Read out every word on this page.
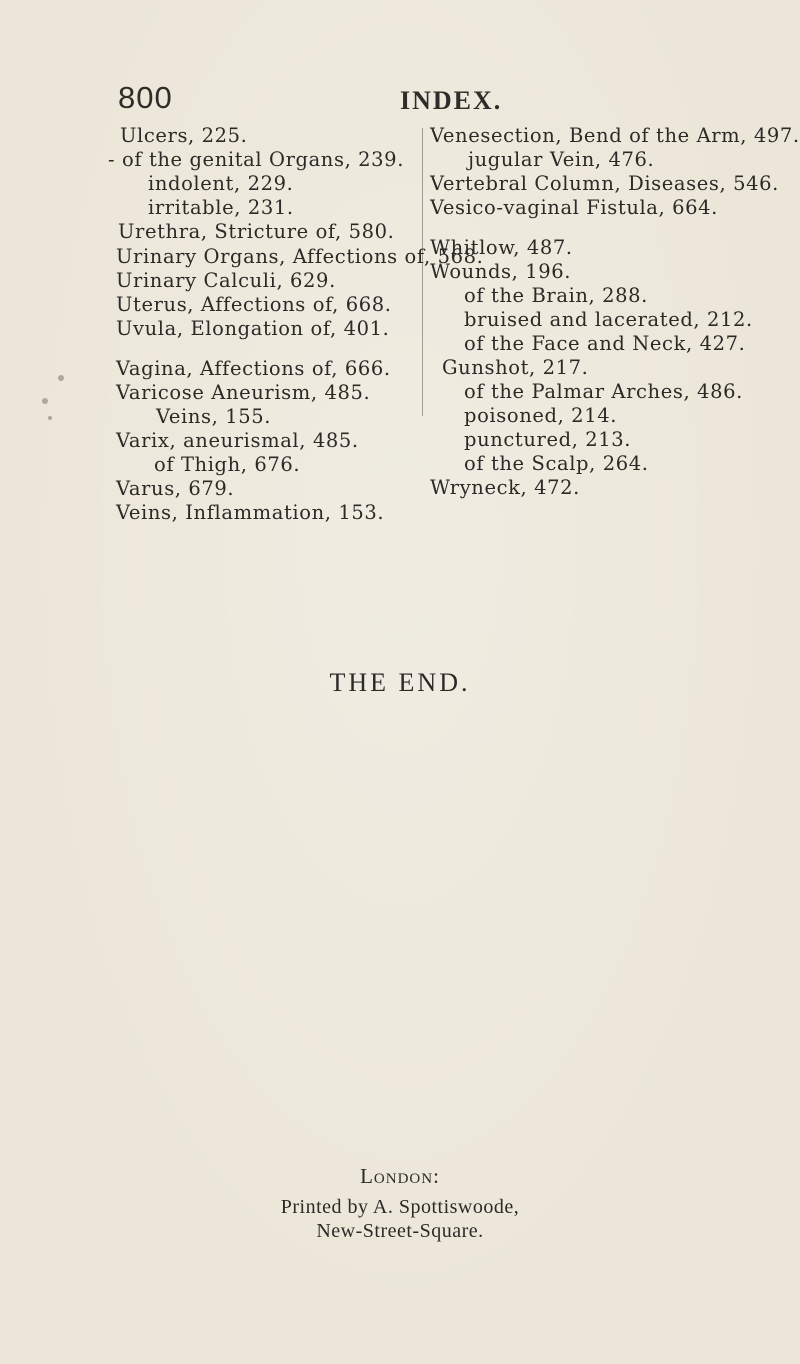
800	INDEX.
Ulcers, 225.
- of the genital Organs, 239.
indolent, 229.
irritable, 231.
Urethra, Stricture of, 580.
Urinary Organs, Affections of, 568.
Urinary Calculi, 629.
Uterus, Affections of, 668.
Uvula, Elongation of, 401.
Vagina, Affections of, 666.
Varicose Aneurism, 485.
Veins, 155.
Varix, aneurismal, 485.
of Thigh, 676.
Varus, 679.
Veins, Inflammation, 153.
Venesection, Bend of the Arm, 497.
jugular Vein, 476.
Vertebral Column, Diseases, 546.
Vesico-vaginal Fistula, 664.
Whitlow, 487.
Wounds, 196.
of the Brain, 288.
bruised and lacerated, 212.
of the Face and Neck, 427.
Gunshot, 217.
of the Palmar Arches, 486.
poisoned, 214.
punctured, 213.
of the Scalp, 264.
Wryneck, 472.
THE END.
London:
Printed by A. Spottiswoode,
New-Street-Square.
